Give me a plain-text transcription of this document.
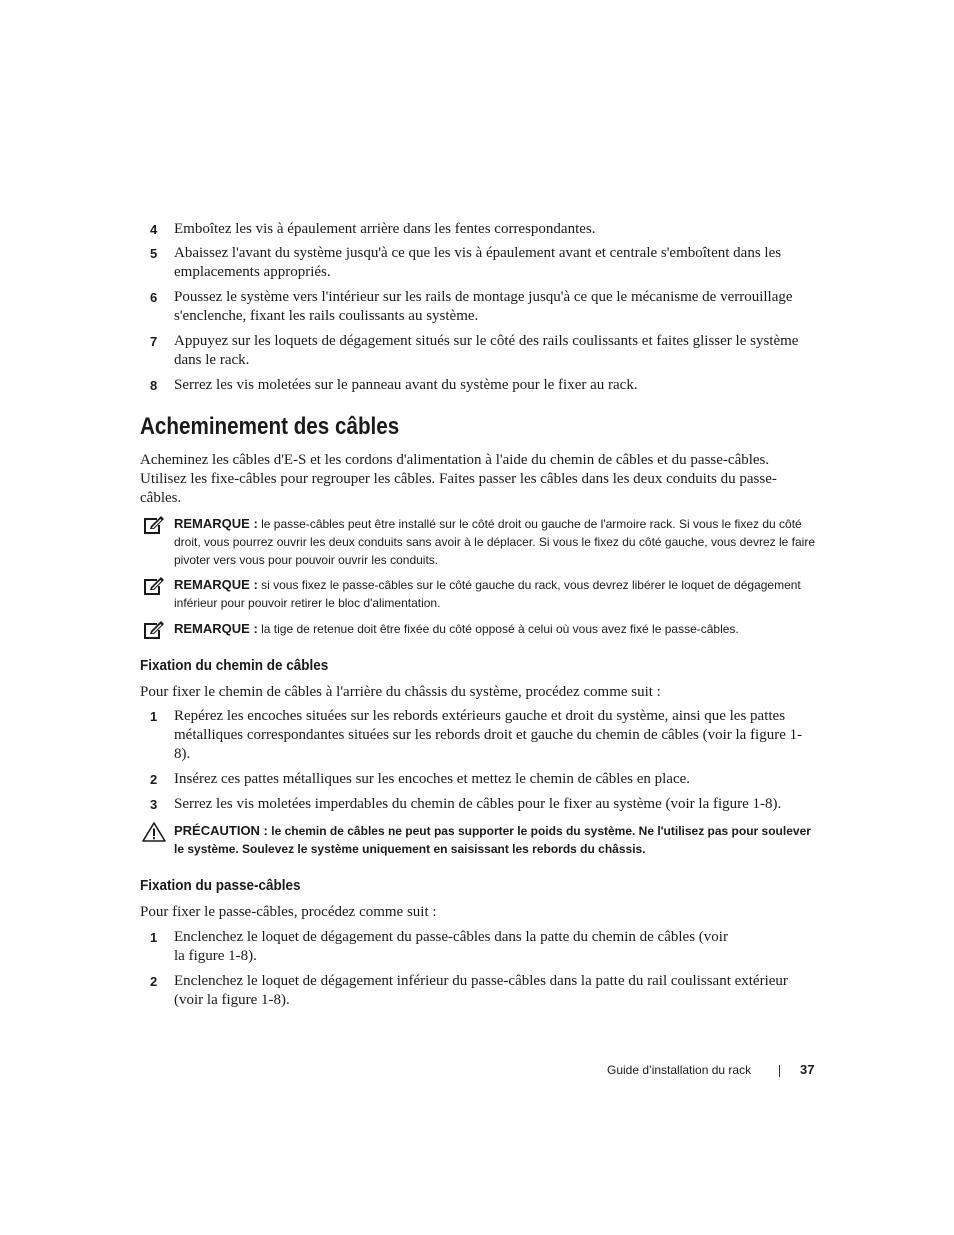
4 Emboîtez les vis à épaulement arrière dans les fentes correspondantes.
5 Abaissez l'avant du système jusqu'à ce que les vis à épaulement avant et centrale s'emboîtent dans les emplacements appropriés.
6 Poussez le système vers l'intérieur sur les rails de montage jusqu'à ce que le mécanisme de verrouillage s'enclenche, fixant les rails coulissants au système.
7 Appuyez sur les loquets de dégagement situés sur le côté des rails coulissants et faites glisser le système dans le rack.
8 Serrez les vis moletées sur le panneau avant du système pour le fixer au rack.
Acheminement des câbles
Acheminez les câbles d'E-S et les cordons d'alimentation à l'aide du chemin de câbles et du passe-câbles. Utilisez les fixe-câbles pour regrouper les câbles. Faites passer les câbles dans les deux conduits du passe-câbles.
REMARQUE : le passe-câbles peut être installé sur le côté droit ou gauche de l'armoire rack. Si vous le fixez du côté droit, vous pourrez ouvrir les deux conduits sans avoir à le déplacer. Si vous le fixez du côté gauche, vous devrez le faire pivoter vers vous pour pouvoir ouvrir les conduits.
REMARQUE : si vous fixez le passe-câbles sur le côté gauche du rack, vous devrez libérer le loquet de dégagement inférieur pour pouvoir retirer le bloc d'alimentation.
REMARQUE : la tige de retenue doit être fixée du côté opposé à celui où vous avez fixé le passe-câbles.
Fixation du chemin de câbles
Pour fixer le chemin de câbles à l'arrière du châssis du système, procédez comme suit :
1 Repérez les encoches situées sur les rebords extérieurs gauche et droit du système, ainsi que les pattes métalliques correspondantes situées sur les rebords droit et gauche du chemin de câbles (voir la figure 1-8).
2 Insérez ces pattes métalliques sur les encoches et mettez le chemin de câbles en place.
3 Serrez les vis moletées imperdables du chemin de câbles pour le fixer au système (voir la figure 1-8).
PRÉCAUTION : le chemin de câbles ne peut pas supporter le poids du système. Ne l'utilisez pas pour soulever le système. Soulevez le système uniquement en saisissant les rebords du châssis.
Fixation du passe-câbles
Pour fixer le passe-câbles, procédez comme suit :
1 Enclenchez le loquet de dégagement du passe-câbles dans la patte du chemin de câbles (voir la figure 1-8).
2 Enclenchez le loquet de dégagement inférieur du passe-câbles dans la patte du rail coulissant extérieur (voir la figure 1-8).
Guide d’installation du rack	37
